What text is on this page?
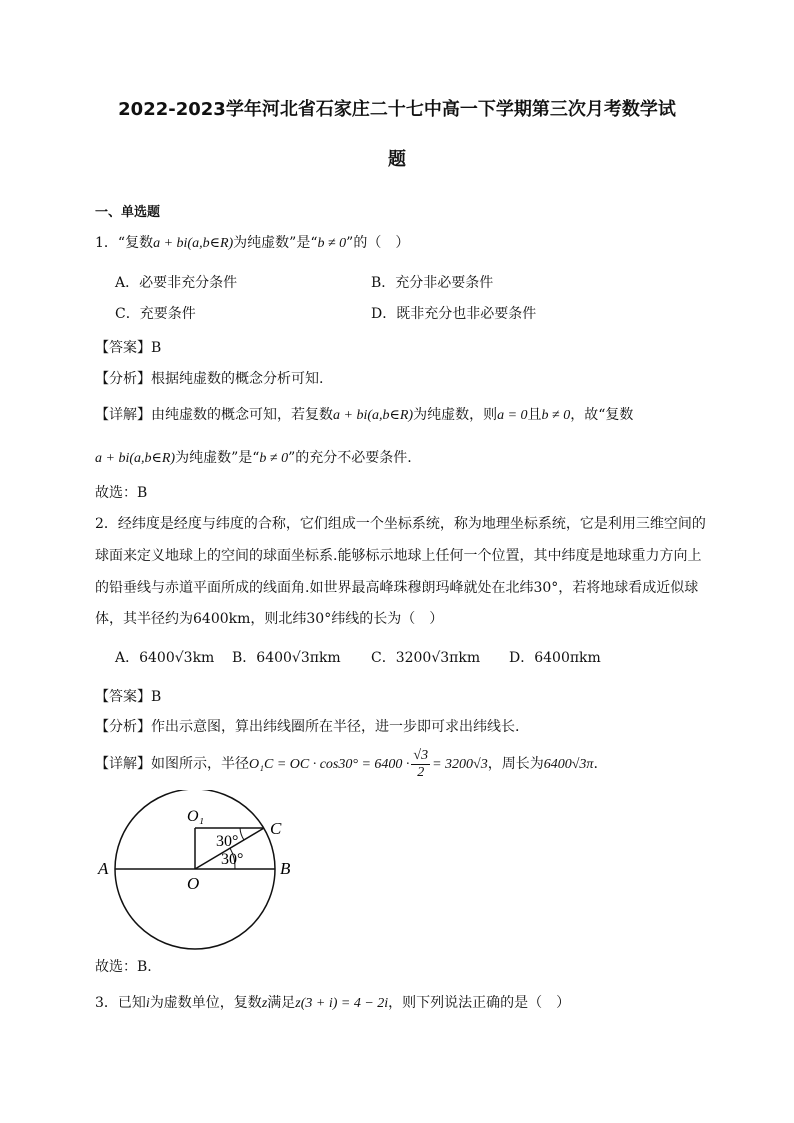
2022-2023学年河北省石家庄二十七中高一下学期第三次月考数学试
题
一、单选题
1．“复数a + bi(a,b∈R)为纯虚数”是“b ≠ 0”的（　）
A．必要非充分条件	B．充分非必要条件
C．充要条件	D．既非充分也非必要条件
【答案】B
【分析】根据纯虚数的概念分析可知.
【详解】由纯虚数的概念可知，若复数a + bi(a,b∈R)为纯虚数，则a = 0且b ≠ 0，故“复数
a + bi(a,b∈R)为纯虚数”是“b ≠ 0”的充分不必要条件.
故选：B
2．经纬度是经度与纬度的合称，它们组成一个坐标系统，称为地理坐标系统，它是利用三维空间的
球面来定义地球上的空间的球面坐标系.能够标示地球上任何一个位置，其中纬度是地球重力方向上
的铅垂线与赤道平面所成的线面角.如世界最高峰珠穆朗玛峰就处在北纬30°，若将地球看成近似球
体，其半径约为6400km，则北纬30°纬线的长为（　）
A．6400√3km B．6400√3πkm C．3200√3πkm D．6400πkm
【答案】B
【分析】作出示意图，算出纬线圈所在半径，进一步即可求出纬线长.
【详解】如图所示，半径O₁C = OC · $\cos 30^\circ = 6400 \cdot \frac{√3}{2} = 3200√3$，周长为6400√3π.
O₁
C
A
O
B
30°
30°
故选：B.
3．已知i为虚数单位，复数z满足z(3 + i) = 4 − 2i，则下列说法正确的是（　）
